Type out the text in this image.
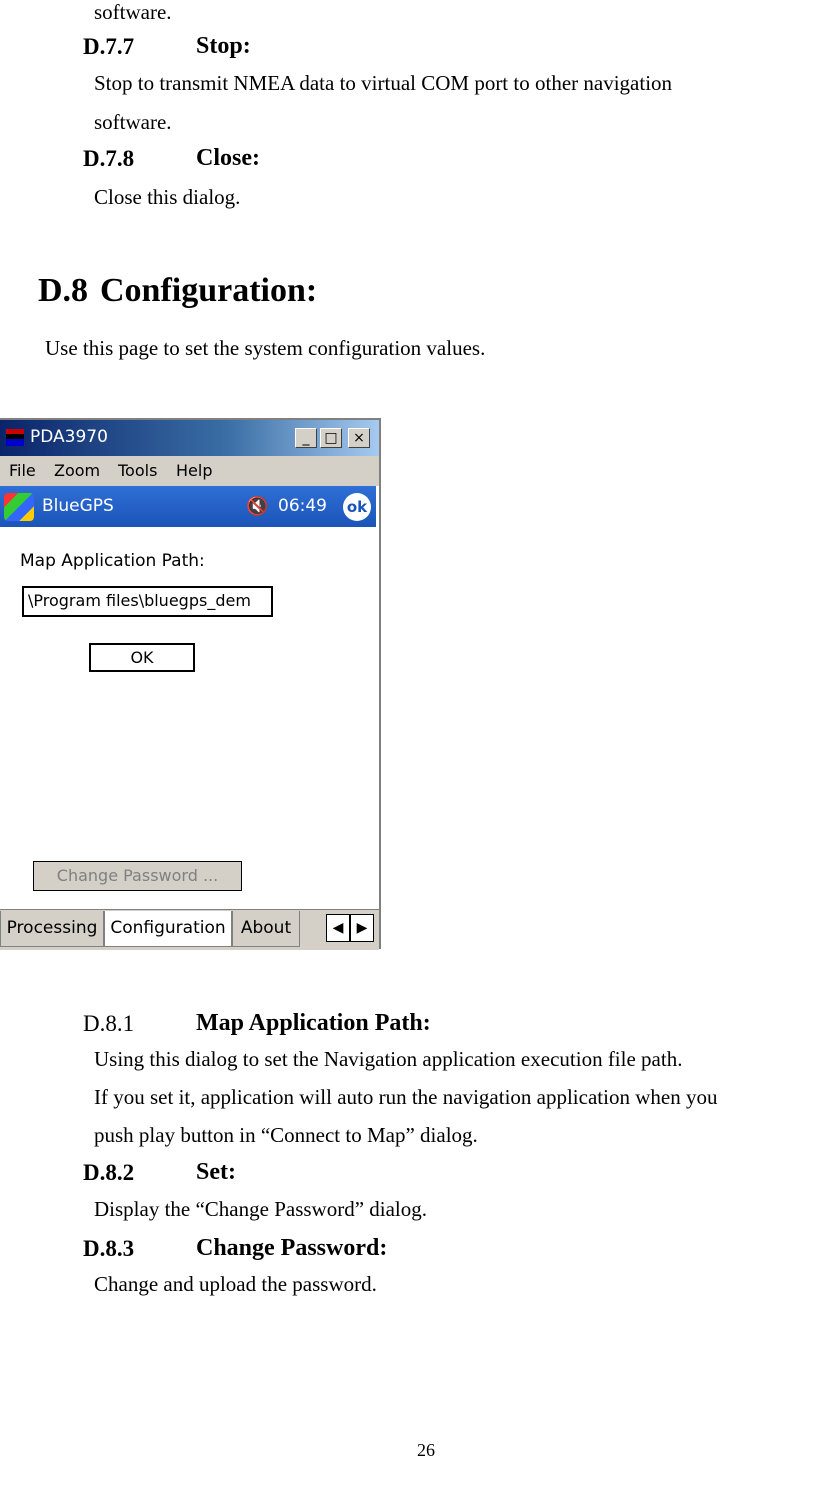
software.
D.7.7	Stop:
Stop to transmit NMEA data to virtual COM port to other navigation
software.
D.7.8	Close:
Close this dialog.
D.8 Configuration:
Use this page to set the system configuration values.
PDA3970	_	□	×
File Zoom Tools Help
BlueGPS	🔇 06:49 ok
Map Application Path:
\Program files\bluegps_dem
OK
Change Password ...
Processing Configuration About	◀ ▶
D.8.1	Map Application Path:
Using this dialog to set the Navigation application execution file path.
If you set it, application will auto run the navigation application when you
push play button in “Connect to Map” dialog.
D.8.2	Set:
Display the “Change Password” dialog.
D.8.3	Change Password:
Change and upload the password.
26
